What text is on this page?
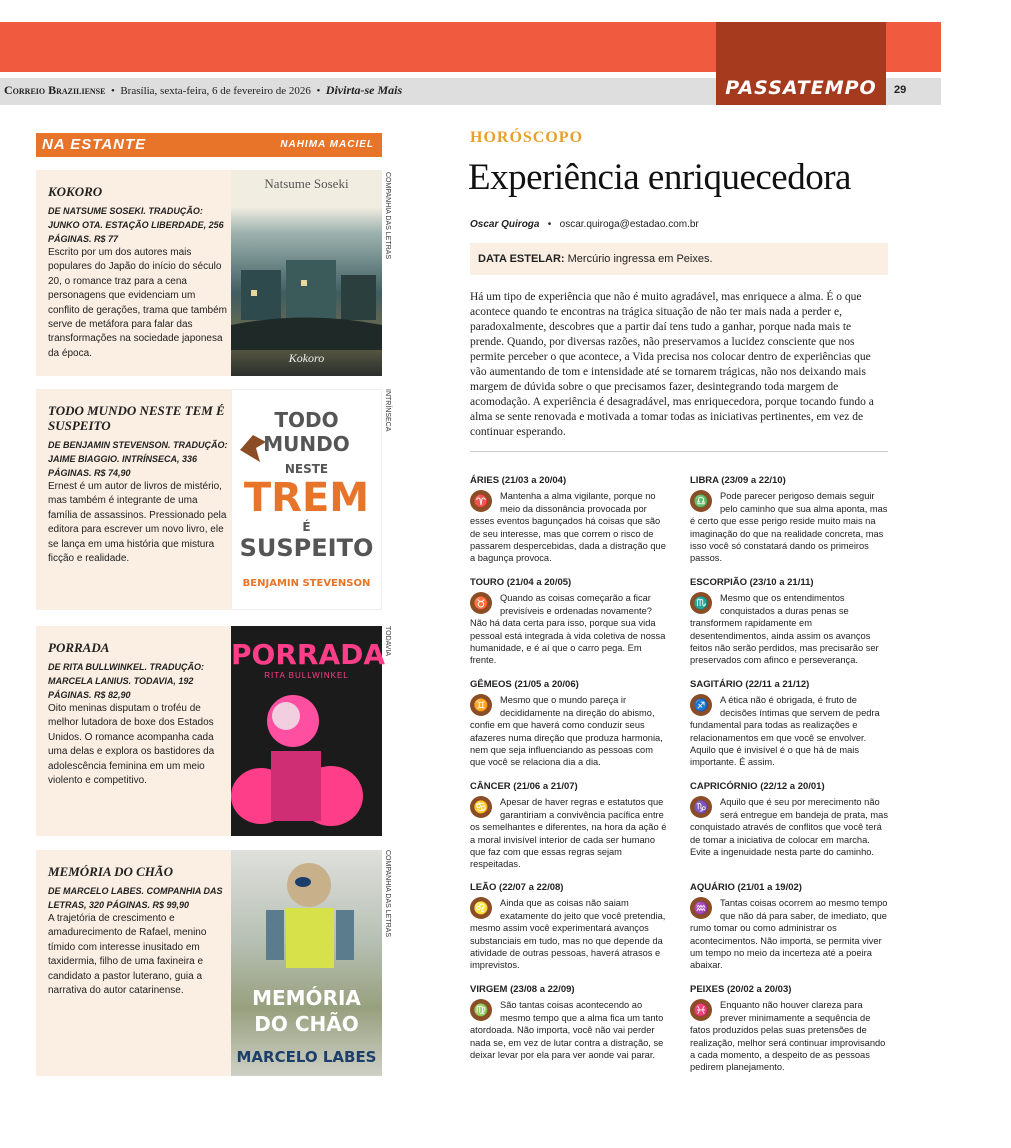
Correio Braziliense  •  Brasília, sexta-feira, 6 de fevereiro de 2026  •  Divirta-se Mais	PASSATEMPO	29
NA ESTANTE	NAHIMA MACIEL
KOKORO
DE NATSUME SOSEKI. TRADUÇÃO: JUNKO OTA. ESTAÇÃO LIBERDADE, 256 PÁGINAS. R$ 77
Escrito por um dos autores mais populares do Japão do início do século 20, o romance traz para a cena personagens que evidenciam um conflito de gerações, trama que também serve de metáfora para falar das transformações na sociedade japonesa da época.
Natsume Soseki
Kokoro
COMPANHIA DAS LETRAS
TODO MUNDO NESTE TEM É SUSPEITO
DE BENJAMIN STEVENSON. TRADUÇÃO: JAIME BIAGGIO. INTRÍNSECA, 336 PÁGINAS. R$ 74,90
Ernest é um autor de livros de mistério, mas também é integrante de uma família de assassinos. Pressionado pela editora para escrever um novo livro, ele se lança em uma história que mistura ficção e realidade.
TODO MUNDO
NESTE
TREM
É
SUSPEITO
BENJAMIN STEVENSON
INTRÍNSECA
PORRADA
DE RITA BULLWINKEL. TRADUÇÃO: MARCELA LANIUS. TODAVIA, 192 PÁGINAS. R$ 82,90
Oito meninas disputam o troféu de melhor lutadora de boxe dos Estados Unidos. O romance acompanha cada uma delas e explora os bastidores da adolescência feminina em um meio violento e competitivo.
PORRADA
RITA BULLWINKEL
TODAVIA
MEMÓRIA DO CHÃO
DE MARCELO LABES. COMPANHIA DAS LETRAS, 320 PÁGINAS. R$ 99,90
A trajetória de crescimento e amadurecimento de Rafael, menino tímido com interesse inusitado em taxidermia, filho de uma faxineira e candidato a pastor luterano, guia a narrativa do autor catarinense.	MEMÓRIA
DO CHÃO
MARCELO LABES
COMPANHIA DAS LETRAS
HORÓSCOPO
Experiência enriquecedora
Oscar Quiroga   •   oscar.quiroga@estadao.com.br
DATA ESTELAR: Mercúrio ingressa em Peixes.
Há um tipo de experiência que não é muito agradável, mas enriquece a alma. É o que acontece quando te encontras na trágica situação de não ter mais nada a perder e, paradoxalmente, descobres que a partir daí tens tudo a ganhar, porque nada mais te prende. Quando, por diversas razões, não preservamos a lucidez consciente que nos permite perceber o que acontece, a Vida precisa nos colocar dentro de experiências que vão aumentando de tom e intensidade até se tornarem trágicas, não nos deixando mais margem de dúvida sobre o que precisamos fazer, desintegrando toda margem de acomodação. A experiência é desagradável, mas enriquecedora, porque tocando fundo a alma se sente renovada e motivada a tomar todas as iniciativas pertinentes, em vez de continuar esperando.
ÁRIES (21/03 a 20/04)
♈	Mantenha a alma vigilante, porque no meio da dissonância provocada por esses eventos bagunçados há coisas que são de seu interesse, mas que correm o risco de passarem despercebidas, dada a distração que a bagunça provoca.
TOURO (21/04 a 20/05)
♉	Quando as coisas começarão a ficar previsíveis e ordenadas novamente? Não há data certa para isso, porque sua vida pessoal está integrada à vida coletiva de nossa humanidade, e é aí que o carro pega. Em frente.
GÊMEOS (21/05 a 20/06)
♊	Mesmo que o mundo pareça ir decididamente na direção do abismo, confie em que haverá como conduzir seus afazeres numa direção que produza harmonia, nem que seja influenciando as pessoas com que você se relaciona dia a dia.
CÂNCER (21/06 a 21/07)
♋	Apesar de haver regras e estatutos que garantiriam a convivência pacífica entre os semelhantes e diferentes, na hora da ação é a moral invisível interior de cada ser humano que faz com que essas regras sejam respeitadas.
LEÃO (22/07 a 22/08)
♌	Ainda que as coisas não saiam exatamente do jeito que você pretendia, mesmo assim você experimentará avanços substanciais em tudo, mas no que depende da atividade de outras pessoas, haverá atrasos e imprevistos.
VIRGEM (23/08 a 22/09)
♍	São tantas coisas acontecendo ao mesmo tempo que a alma fica um tanto atordoada. Não importa, você não vai perder nada se, em vez de lutar contra a distração, se deixar levar por ela para ver aonde vai parar.
LIBRA (23/09 a 22/10)
♎	Pode parecer perigoso demais seguir pelo caminho que sua alma aponta, mas é certo que esse perigo reside muito mais na imaginação do que na realidade concreta, mas isso você só constatará dando os primeiros passos.
ESCORPIÃO (23/10 a 21/11)
♏	Mesmo que os entendimentos conquistados a duras penas se transformem rapidamente em desentendimentos, ainda assim os avanços feitos não serão perdidos, mas precisarão ser preservados com afinco e perseverança.
SAGITÁRIO (22/11 a 21/12)
♐	A ética não é obrigada, é fruto de decisões íntimas que servem de pedra fundamental para todas as realizações e relacionamentos em que você se envolver. Aquilo que é invisível é o que há de mais importante. É assim.
CAPRICÓRNIO (22/12 a 20/01)
♑	Aquilo que é seu por merecimento não será entregue em bandeja de prata, mas conquistado através de conflitos que você terá de tomar a iniciativa de colocar em marcha. Evite a ingenuidade nesta parte do caminho.
AQUÁRIO (21/01 a 19/02)
♒	Tantas coisas ocorrem ao mesmo tempo que não dá para saber, de imediato, que rumo tomar ou como administrar os acontecimentos. Não importa, se permita viver um tempo no meio da incerteza até a poeira abaixar.
PEIXES (20/02 a 20/03)
♓	Enquanto não houver clareza para prever minimamente a sequência de fatos produzidos pelas suas pretensões de realização, melhor será continuar improvisando a cada momento, a despeito de as pessoas pedirem planejamento.
